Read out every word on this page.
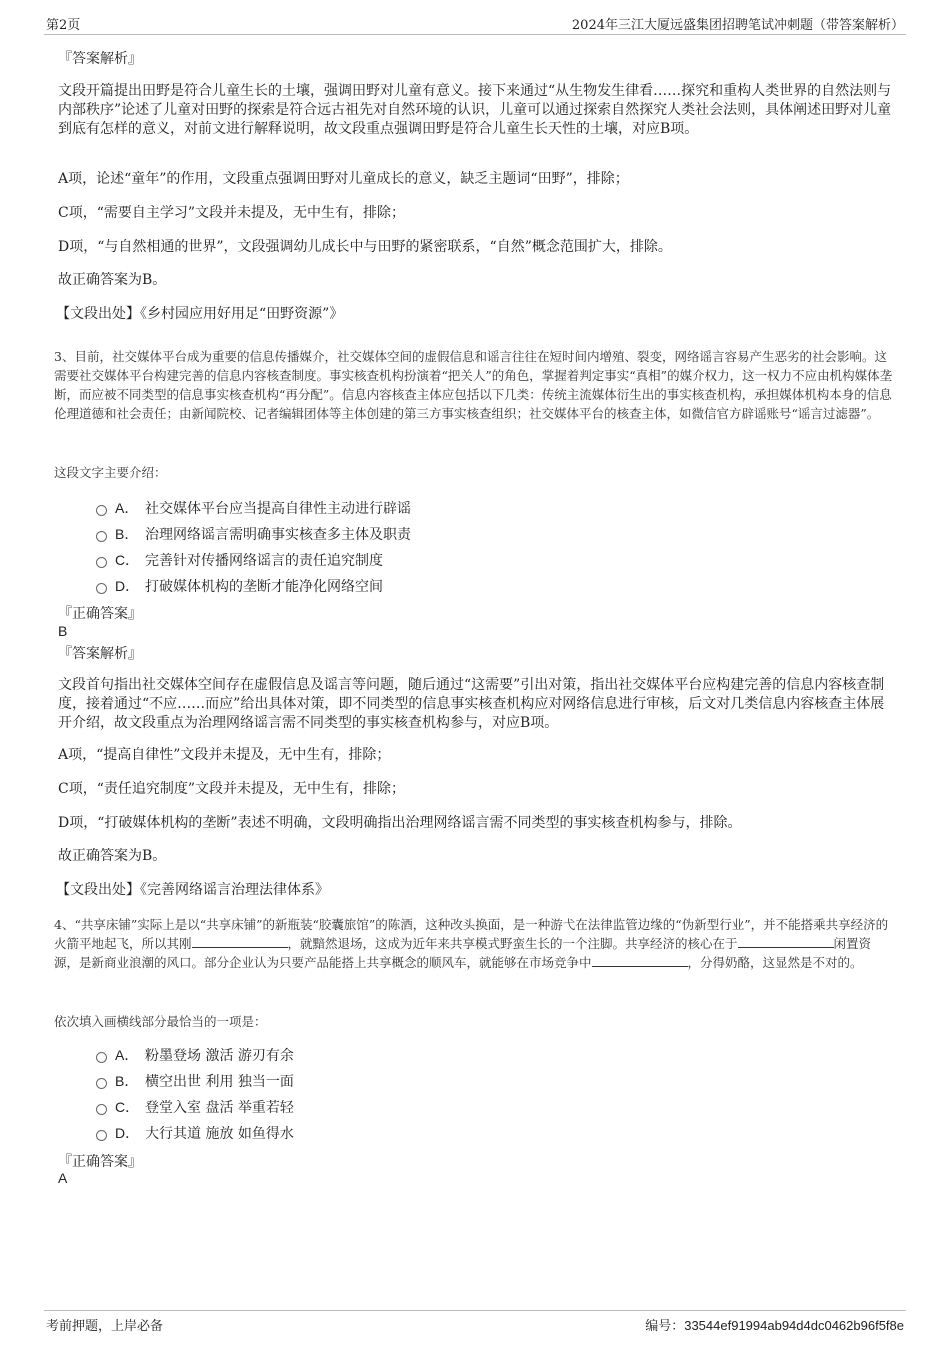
第2页	2024年三江大厦远盛集团招聘笔试冲刺题（带答案解析）

『答案解析』

文段开篇提出田野是符合儿童生长的土壤，强调田野对儿童有意义。接下来通过“从生物发生律看……探究和重构人类世界的自然法则与内部秩序”论述了儿童对田野的探索是符合远古祖先对自然环境的认识，儿童可以通过探索自然探究人类社会法则，具体阐述田野对儿童到底有怎样的意义，对前文进行解释说明，故文段重点强调田野是符合儿童生长天性的土壤，对应B项。

A项，论述“童年”的作用，文段重点强调田野对儿童成长的意义，缺乏主题词“田野”，排除；

C项，“需要自主学习”文段并未提及，无中生有，排除；

D项，“与自然相通的世界”，文段强调幼儿成长中与田野的紧密联系，“自然”概念范围扩大，排除。

故正确答案为B。

【文段出处】《乡村园应用好用足“田野资源”》

3、目前，社交媒体平台成为重要的信息传播媒介，社交媒体空间的虚假信息和谣言往往在短时间内增殖、裂变，网络谣言容易产生恶劣的社会影响。这需要社交媒体平台构建完善的信息内容核查制度。事实核查机构扮演着“把关人”的角色，掌握着判定事实“真相”的媒介权力，这一权力不应由机构媒体垄断，而应被不同类型的信息事实核查机构“再分配”。信息内容核查主体应包括以下几类：传统主流媒体衍生出的事实核查机构，承担媒体机构本身的信息伦理道德和社会责任；由新闻院校、记者编辑团体等主体创建的第三方事实核查组织；社交媒体平台的核查主体，如微信官方辟谣账号“谣言过滤器”。

这段文字主要介绍：

A． 社交媒体平台应当提高自律性主动进行辟谣
B． 治理网络谣言需明确事实核查多主体及职责
C． 完善针对传播网络谣言的责任追究制度
D． 打破媒体机构的垄断才能净化网络空间

『正确答案』

B

『答案解析』

文段首句指出社交媒体空间存在虚假信息及谣言等问题，随后通过“这需要”引出对策，指出社交媒体平台应构建完善的信息内容核查制度，接着通过“不应……而应”给出具体对策，即不同类型的信息事实核查机构应对网络信息进行审核，后文对几类信息内容核查主体展开介绍，故文段重点为治理网络谣言需不同类型的事实核查机构参与，对应B项。

A项，“提高自律性”文段并未提及，无中生有，排除；

C项，“责任追究制度”文段并未提及，无中生有，排除；

D项，“打破媒体机构的垄断”表述不明确，文段明确指出治理网络谣言需不同类型的事实核查机构参与，排除。

故正确答案为B。

【文段出处】《完善网络谣言治理法律体系》

4、“共享床铺”实际上是以“共享床铺”的新瓶装“胶囊旅馆”的陈酒，这种改头换面，是一种游弋在法律监管边缘的“伪新型行业”，并不能搭乘共享经济的火箭平地起飞，所以其刚	，就黯然退场，这成为近年来共享模式野蛮生长的一个注脚。共享经济的核心在于	闲置资源，是新商业浪潮的风口。部分企业认为只要产品能搭上共享概念的顺风车，就能够在市场竞争中	，分得奶酪，这显然是不对的。

依次填入画横线部分最恰当的一项是：

A． 粉墨登场 激活 游刃有余
B． 横空出世 利用 独当一面
C． 登堂入室 盘活 举重若轻
D． 大行其道 施放 如鱼得水

『正确答案』

A

考前押题，上岸必备	编号：33544ef91994ab94d4dc0462b96f5f8e
